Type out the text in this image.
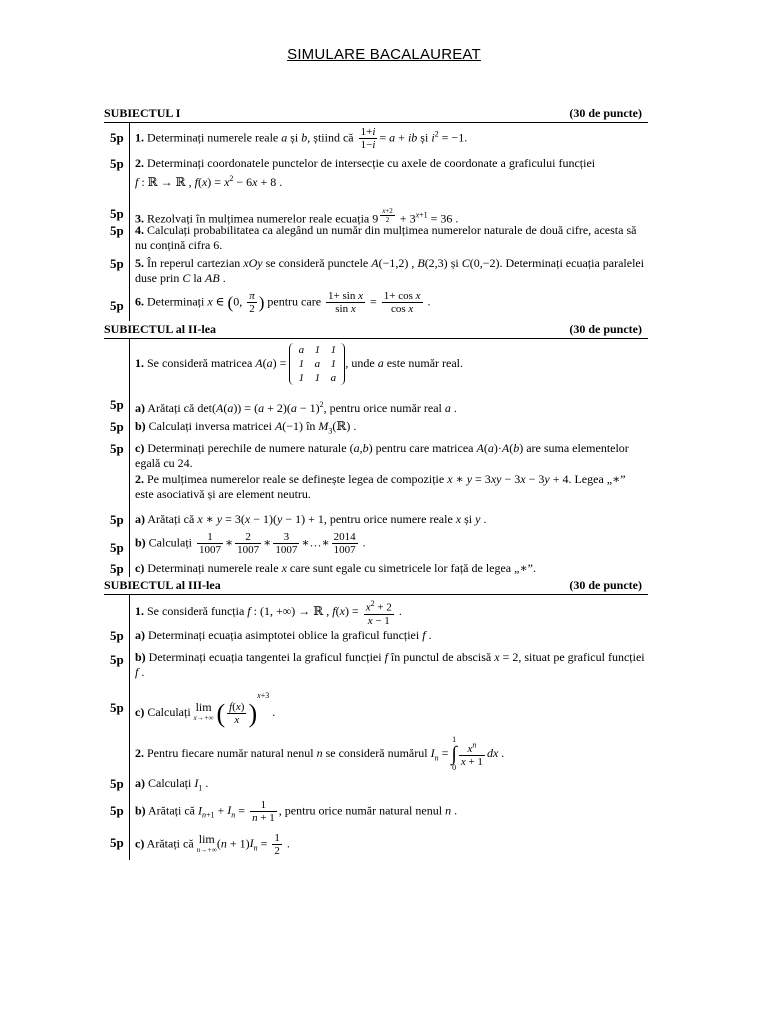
SIMULARE BACALAUREAT
SUBIECTUL I	(30 de puncte)
5p 1. Determinați numerele reale a și b, știind că $\frac{1+i}{1-i} = a$ + ib și $i^2 = -1$.
5p 2. Determinați coordonatele punctelor de intersecție cu axele de coordonate a graficului funcției
f : ℝ → ℝ , $f(x) = x^2 - 6x + 8$ .
5p 3. Rezolvați în mulțimea numerelor reale ecuația 9 $^{\frac{x+2}{2}} + 3^{x+1} = 36$ .
5p 4. Calculați probabilitatea ca alegând un număr din mulțimea numerelor naturale de două cifre, acesta să nu conțină cifra 6.
5p 5. În reperul cartezian xOy se consideră punctele A(−1,2) , B(2,3) și C(0,−2). Determinați ecuația paralelei duse prin C la AB .
5p 6. Determinați x ∈ (0, $\frac{\pi}{2}$ ) pentru care $\frac{\text{1+ sin x}}{\text{sin x}} = \frac{\text{1+ cos x}}{\text{cos x}}$ .
SUBIECTUL al II-lea	(30 de puncte)
1. Se consideră matricea A(a) =
a 1 1
1 a 1
1 1 a
, unde a este număr real.
5p a) Arătați că $\det(A(a)) = (a + 2)(a - 1)^2$, pentru orice număr real a .
5p b) Calculați inversa matricei A(−1) în $M_3(ℝ)$ .
5p c) Determinați perechile de numere naturale (a,b) pentru care matricea A(a)·A(b) are suma elementelor egală cu 24.
2. Pe mulțimea numerelor reale se definește legea de compoziție x ∗ y = 3xy − 3x − 3y + 4. Legea „∗” este asociativă și are element neutru.
5p a) Arătați că x ∗ y = 3(x − 1)(y − 1) + 1, pentru orice numere reale x și y .
5p b) Calculați $\frac{1}{1007}$ ∗ $\frac{2}{1007}$ ∗ $\frac{3}{1007}$ ∗…∗ $\frac{2014}{1007}$ .
5p c) Determinați numerele reale x care sunt egale cu simetricele lor față de legea „∗”.
SUBIECTUL al III-lea	(30 de puncte)
1. Se consideră funcția f : (1, +∞) → ℝ , $f(x) = \frac{x^2 + 2}{x - 1}$ .
5p a) Determinați ecuația asimptotei oblice la graficul funcției f .
5p b) Determinați ecuația tangentei la graficul funcției f în punctul de abscisă x = 2, situat pe graficul funcției f .
5p c) Calculați lim
x→+∞ ( $\frac{f(x)}{x} )^{x+3}$ .
2. Pentru fiecare număr natural nenul n se consideră numărul $I_n = 1$
∫
$0 \frac{x^n}{x + 1}$ dx .
5p a) Calculați $I_1$ .
5p b) Arătați că $I_{n+1} + I_n = \frac{1}{n + 1}$ , pentru orice număr natural nenul n .
5p c) Arătați că lim
n→+∞ $(n + 1)I_n = \frac{1}{2}$ .
